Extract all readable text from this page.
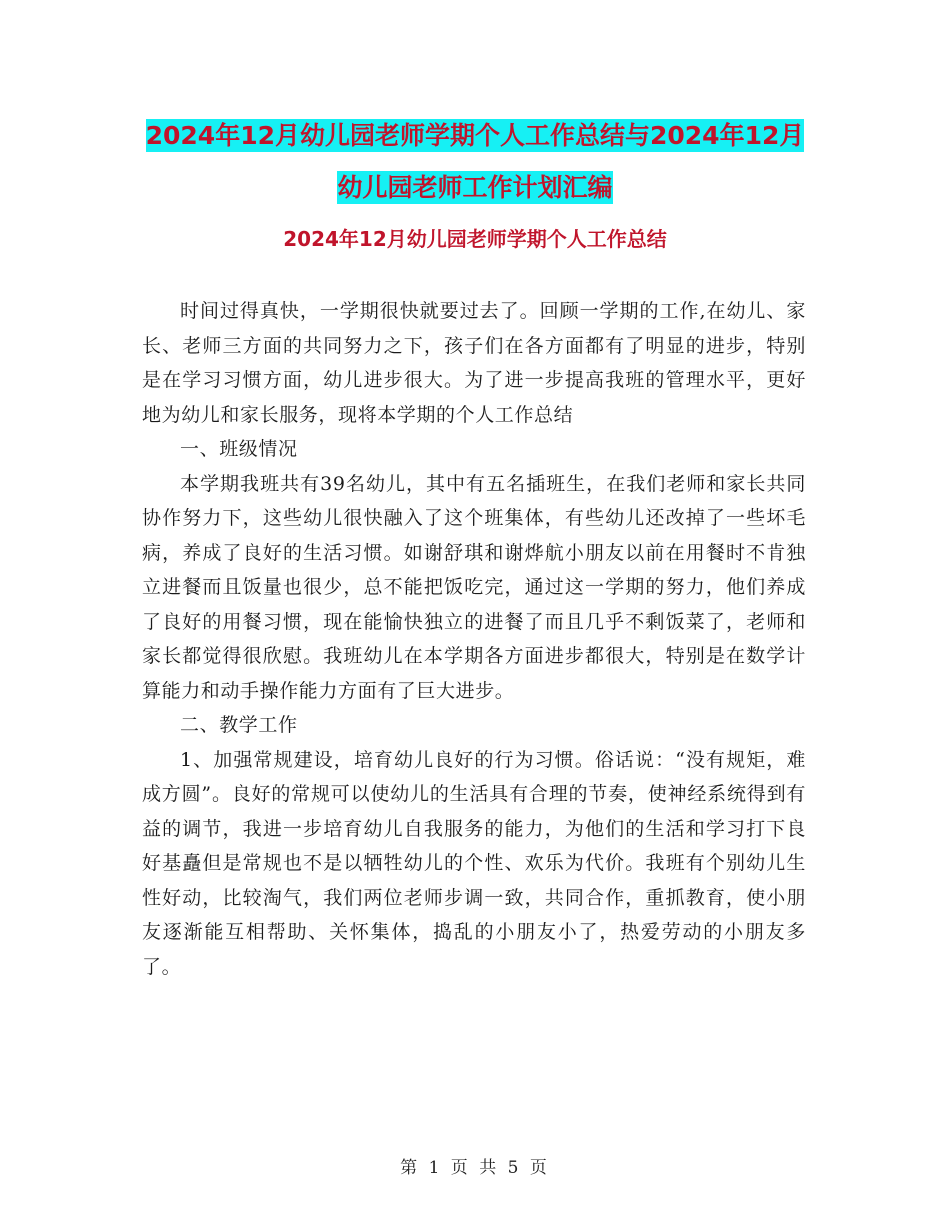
2024年12月幼儿园老师学期个人工作总结与2024年12月幼儿园老师工作计划汇编
2024年12月幼儿园老师学期个人工作总结

时间过得真快，一学期很快就要过去了。回顾一学期的工作,在幼儿、家长、老师三方面的共同努力之下，孩子们在各方面都有了明显的进步，特别是在学习习惯方面，幼儿进步很大。为了进一步提高我班的管理水平，更好地为幼儿和家长服务，现将本学期的个人工作总结

一、班级情况

本学期我班共有39名幼儿，其中有五名插班生，在我们老师和家长共同协作努力下，这些幼儿很快融入了这个班集体，有些幼儿还改掉了一些坏毛病，养成了良好的生活习惯。如谢舒琪和谢烨航小朋友以前在用餐时不肯独立进餐而且饭量也很少，总不能把饭吃完，通过这一学期的努力，他们养成了良好的用餐习惯，现在能愉快独立的进餐了而且几乎不剩饭菜了，老师和家长都觉得很欣慰。我班幼儿在本学期各方面进步都很大，特别是在数学计算能力和动手操作能力方面有了巨大进步。

二、教学工作

1、加强常规建设，培育幼儿良好的行为习惯。俗话说：“没有规矩，难成方圆”。良好的常规可以使幼儿的生活具有合理的节奏，使神经系统得到有益的调节，我进一步培育幼儿自我服务的能力，为他们的生活和学习打下良好基矗但是常规也不是以牺牲幼儿的个性、欢乐为代价。我班有个别幼儿生性好动，比较淘气，我们两位老师步调一致，共同合作，重抓教育，使小朋友逐渐能互相帮助、关怀集体，捣乱的小朋友小了，热爱劳动的小朋友多了。

第 1 页 共 5 页
